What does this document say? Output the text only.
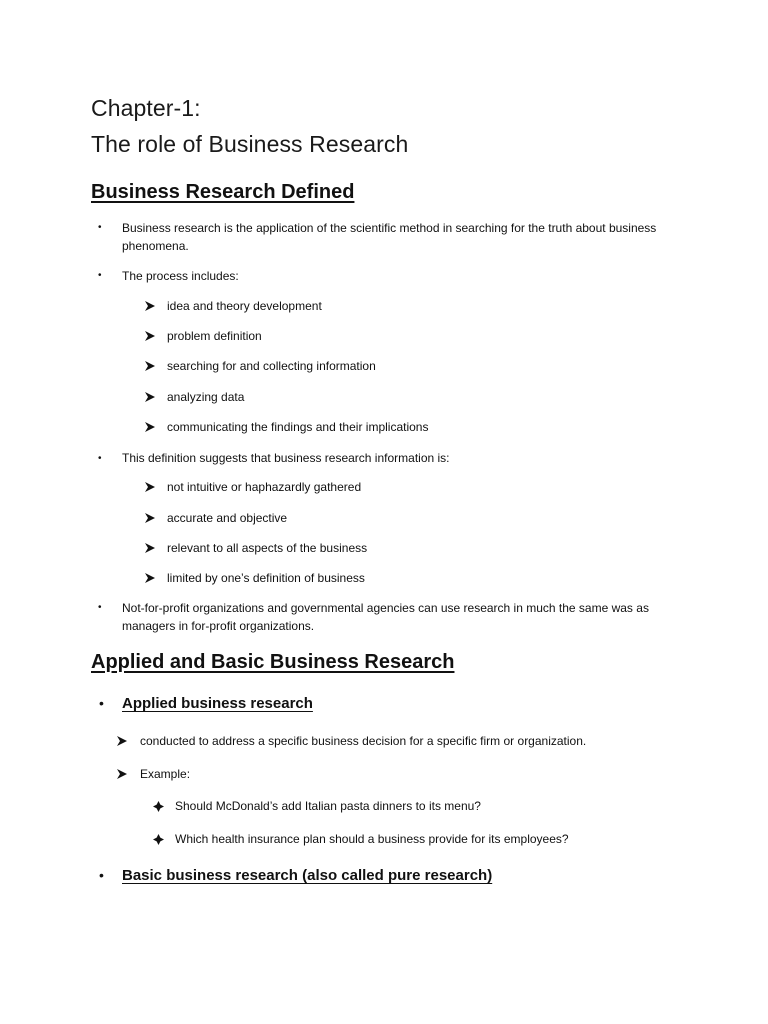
Chapter-1:
The role of Business Research
Business Research Defined
• Business research is the application of the scientific method in searching for the truth about business phenomena.
• The process includes:
idea and theory development
problem definition
searching for and collecting information
analyzing data
communicating the findings and their implications
• This definition suggests that business research information is:
not intuitive or haphazardly gathered
accurate and objective
relevant to all aspects of the business
limited by one’s definition of business
• Not-for-profit organizations and governmental agencies can use research in much the same was as managers in for-profit organizations.
Applied and Basic Business Research
• Applied business research
conducted to address a specific business decision for a specific firm or organization.
Example:
Should McDonald’s add Italian pasta dinners to its menu?
Which health insurance plan should a business provide for its employees?
• Basic business research (also called pure research)
